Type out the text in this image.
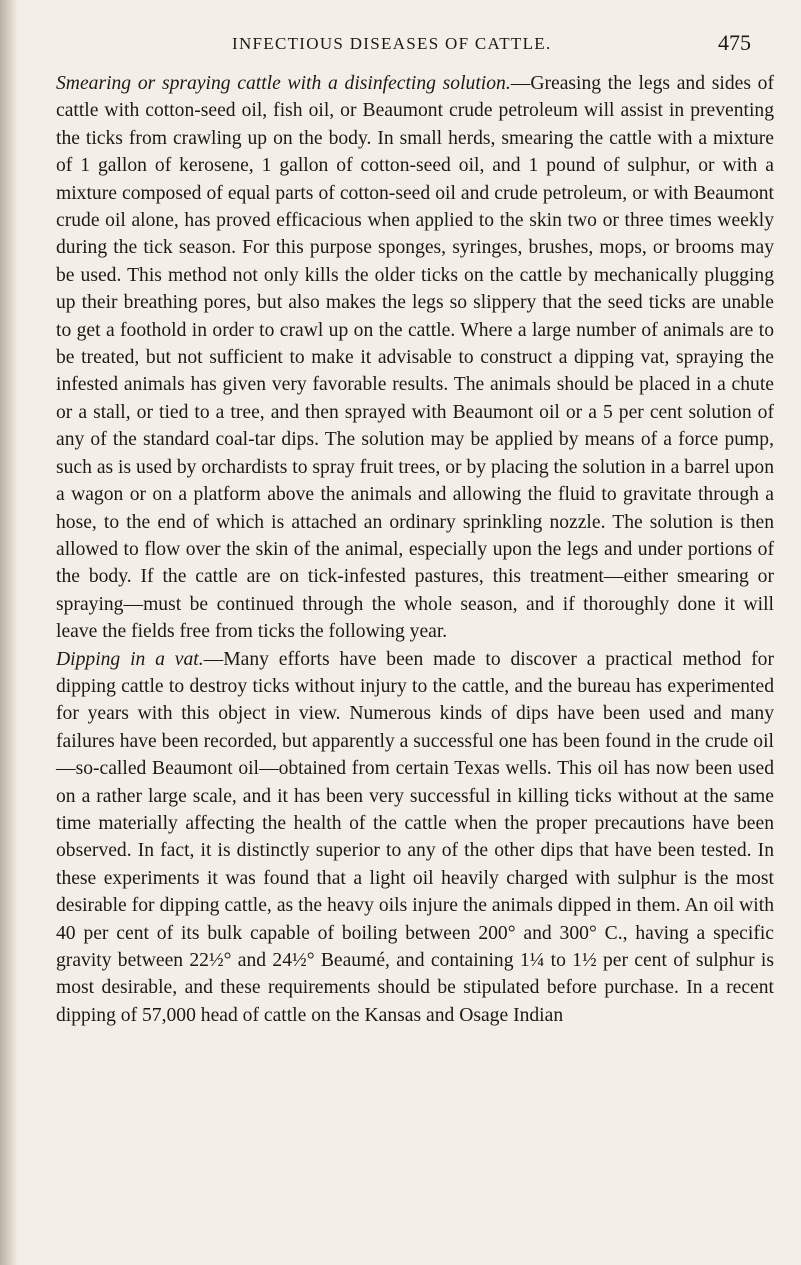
INFECTIOUS DISEASES OF CATTLE.	475

Smearing or spraying cattle with a disinfecting solution.—Greasing the legs and sides of cattle with cotton-seed oil, fish oil, or Beaumont crude petroleum will assist in preventing the ticks from crawling up on the body. In small herds, smearing the cattle with a mixture of 1 gallon of kerosene, 1 gallon of cotton-seed oil, and 1 pound of sulphur, or with a mixture composed of equal parts of cotton-seed oil and crude petroleum, or with Beaumont crude oil alone, has proved efficacious when applied to the skin two or three times weekly during the tick season. For this purpose sponges, syringes, brushes, mops, or brooms may be used. This method not only kills the older ticks on the cattle by mechanically plugging up their breathing pores, but also makes the legs so slippery that the seed ticks are unable to get a foothold in order to crawl up on the cattle. Where a large number of animals are to be treated, but not sufficient to make it advisable to construct a dipping vat, spraying the infested animals has given very favorable results. The animals should be placed in a chute or a stall, or tied to a tree, and then sprayed with Beaumont oil or a 5 per cent solution of any of the standard coal-tar dips. The solution may be applied by means of a force pump, such as is used by orchardists to spray fruit trees, or by placing the solution in a barrel upon a wagon or on a platform above the animals and allowing the fluid to gravitate through a hose, to the end of which is attached an ordinary sprinkling nozzle. The solution is then allowed to flow over the skin of the animal, especially upon the legs and under portions of the body. If the cattle are on tick-infested pastures, this treatment—either smearing or spraying—must be continued through the whole season, and if thoroughly done it will leave the fields free from ticks the following year.

Dipping in a vat.—Many efforts have been made to discover a practical method for dipping cattle to destroy ticks without injury to the cattle, and the bureau has experimented for years with this object in view. Numerous kinds of dips have been used and many failures have been recorded, but apparently a successful one has been found in the crude oil—so-called Beaumont oil—obtained from certain Texas wells. This oil has now been used on a rather large scale, and it has been very successful in killing ticks without at the same time materially affecting the health of the cattle when the proper precautions have been observed. In fact, it is distinctly superior to any of the other dips that have been tested. In these experiments it was found that a light oil heavily charged with sulphur is the most desirable for dipping cattle, as the heavy oils injure the animals dipped in them. An oil with 40 per cent of its bulk capable of boiling between 200° and 300° C., having a specific gravity between 22½° and 24½° Beaumé, and containing 1¼ to 1½ per cent of sulphur is most desirable, and these requirements should be stipulated before purchase. In a recent dipping of 57,000 head of cattle on the Kansas and Osage Indian
